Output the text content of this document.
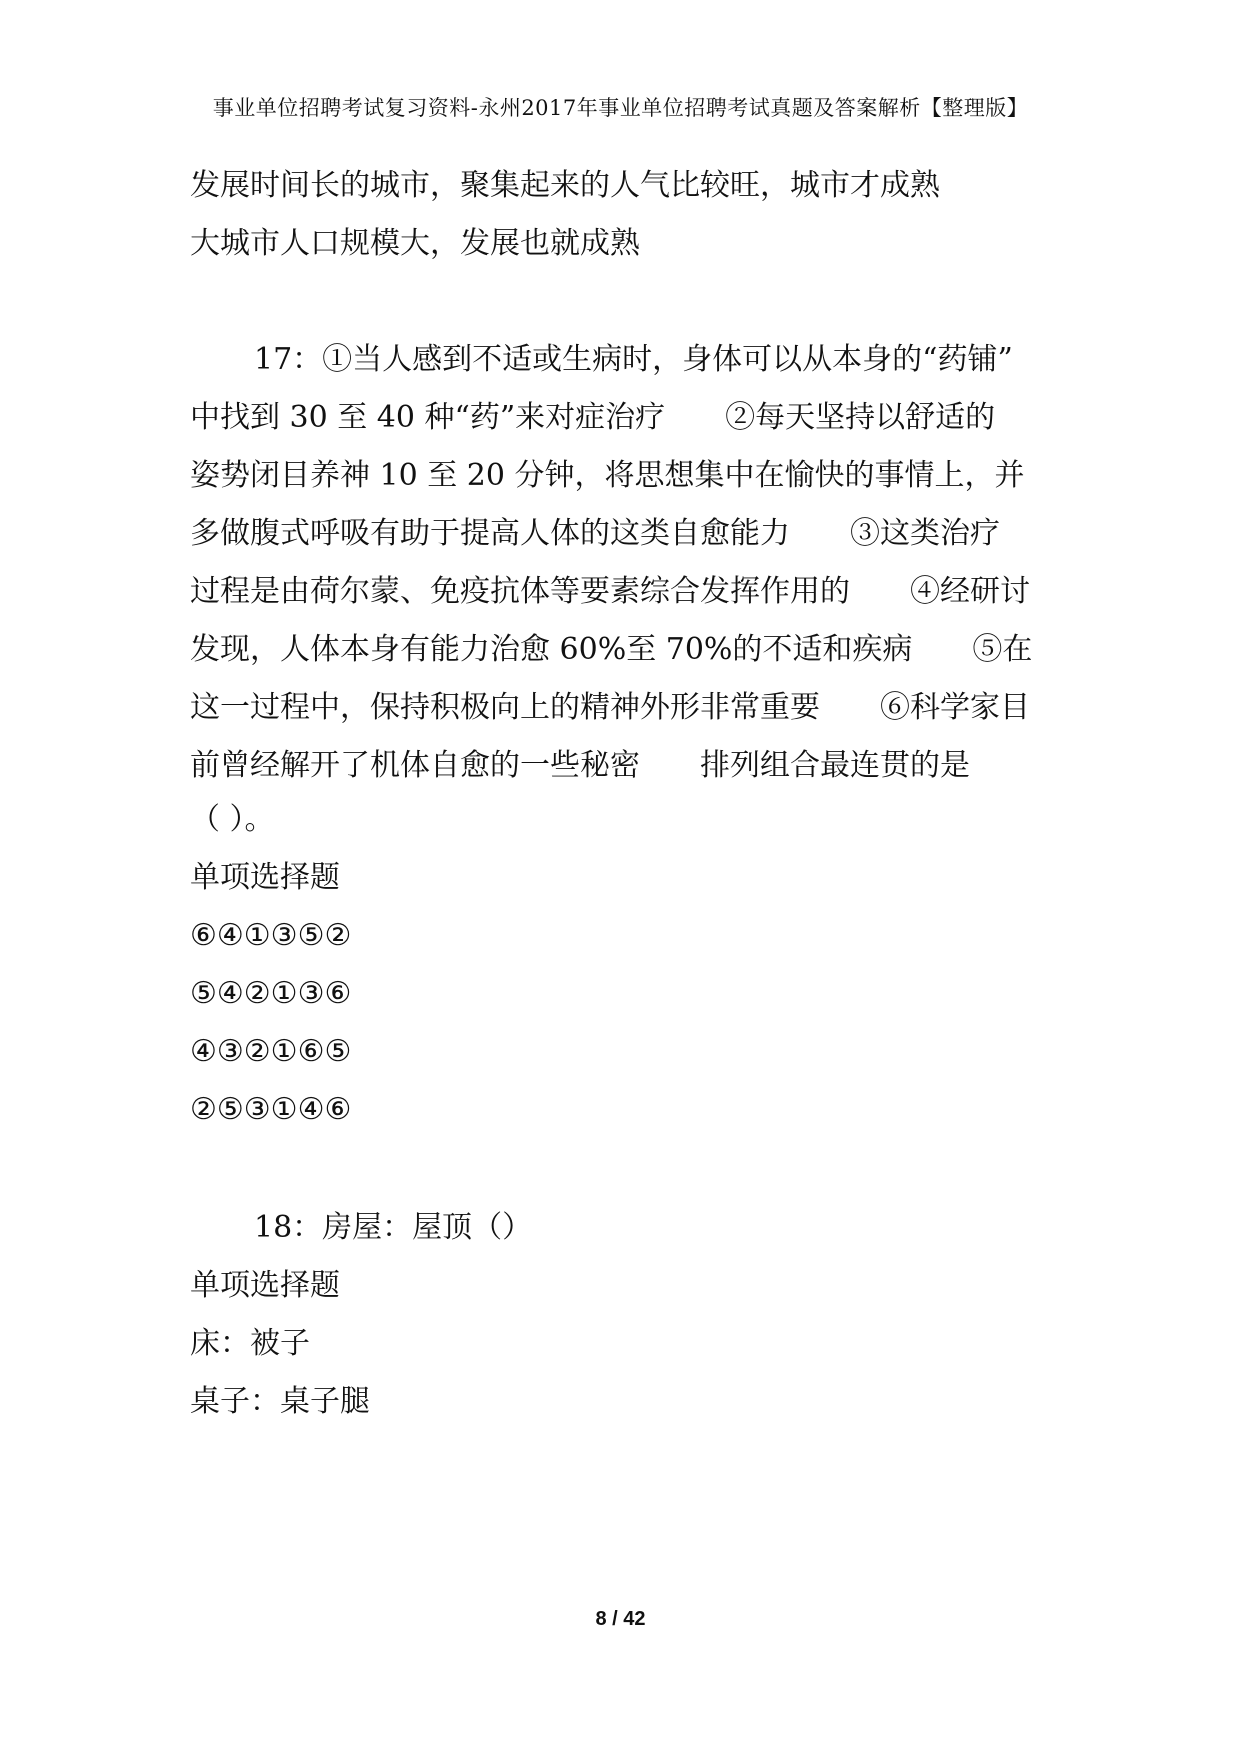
事业单位招聘考试复习资料-永州2017年事业单位招聘考试真题及答案解析【整理版】
发展时间长的城市，聚集起来的人气比较旺，城市才成熟
大城市人口规模大，发展也就成熟
17：①当人感到不适或生病时，身体可以从本身的“药铺”
中找到 30 至 40 种“药”来对症治疗　　②每天坚持以舒适的
姿势闭目养神 10 至 20 分钟，将思想集中在愉快的事情上，并
多做腹式呼吸有助于提高人体的这类自愈能力　　③这类治疗
过程是由荷尔蒙、免疫抗体等要素综合发挥作用的　　④经研讨
发现，人体本身有能力治愈 60%至 70%的不适和疾病　　⑤在
这一过程中，保持积极向上的精神外形非常重要　　⑥科学家目
前曾经解开了机体自愈的一些秘密　　排列组合最连贯的是
（ ）。
单项选择题
⑥④①③⑤②
⑤④②①③⑥
④③②①⑥⑤
②⑤③①④⑥
18：房屋：屋顶（）
单项选择题
床：被子
桌子：桌子腿
8 / 42
